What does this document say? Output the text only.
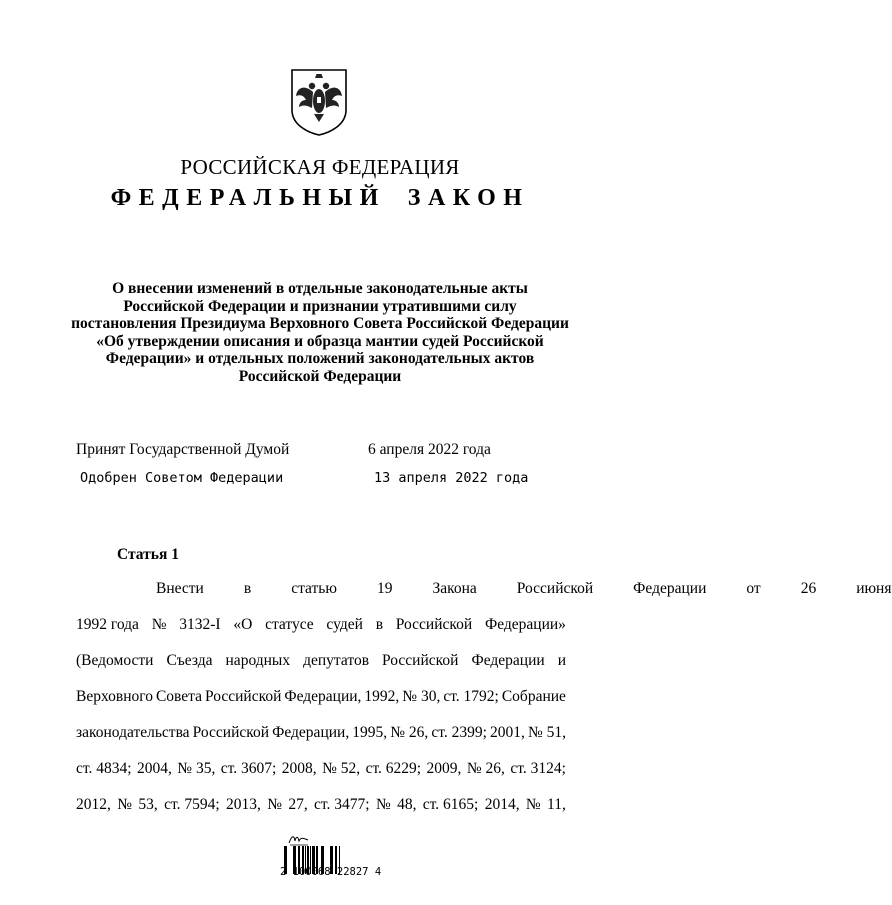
РОССИЙСКАЯ ФЕДЕРАЦИЯ
ФЕДЕРАЛЬНЫЙ ЗАКОН
О внесении изменений в отдельные законодательные акты
Российской Федерации и признании утратившими силу
постановления Президиума Верховного Совета Российской Федерации
«Об утверждении описания и образца мантии судей Российской
Федерации» и отдельных положений законодательных актов
Российской Федерации
Принят Государственной Думой	6 апреля 2022 года
Одобрен Советом Федерации	13 апреля 2022 года
Статья 1
Внести	в	статью	19	Закона	Российской	Федерации	от	26	июня
1992 года № 3132-I «О статусе судей в Российской Федерации»
(Ведомости Съезда народных депутатов Российской Федерации и
Верховного Совета Российской Федерации, 1992, № 30, ст. 1792; Собрание
законодательства Российской Федерации, 1995, № 26, ст. 2399; 2001, № 51,
ст. 4834; 2004, № 35, ст. 3607; 2008, № 52, ст. 6229; 2009, № 26, ст. 3124;
2012, № 53, ст. 7594; 2013, № 27, ст. 3477; № 48, ст. 6165; 2014, № 11,
2 100068 22827 4
